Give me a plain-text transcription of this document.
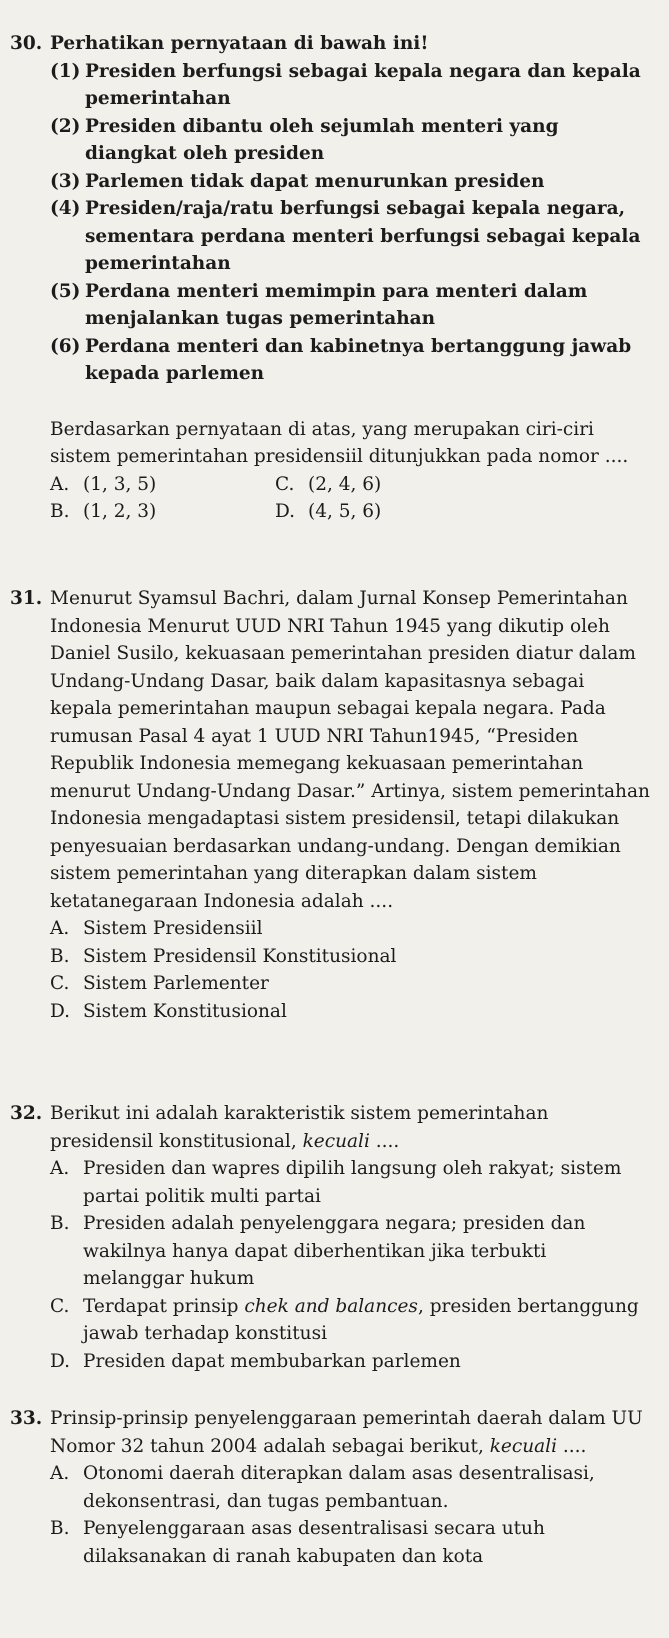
30. Perhatikan pernyataan di bawah ini!
(1) Presiden berfungsi sebagai kepala negara dan kepala pemerintahan
(2) Presiden dibantu oleh sejumlah menteri yang diangkat oleh presiden
(3) Parlemen tidak dapat menurunkan presiden
(4) Presiden/raja/ratu berfungsi sebagai kepala negara, sementara perdana menteri berfungsi sebagai kepala pemerintahan
(5) Perdana menteri memimpin para menteri dalam menjalankan tugas pemerintahan
(6) Perdana menteri dan kabinetnya bertanggung jawab kepada parlemen
Berdasarkan pernyataan di atas, yang merupakan ciri-ciri sistem pemerintahan presidensiil ditunjukkan pada nomor ....
A. (1, 3, 5)	C. (2, 4, 6)
B. (1, 2, 3)	D. (4, 5, 6)
31. Menurut Syamsul Bachri, dalam Jurnal Konsep Pemerintahan Indonesia Menurut UUD NRI Tahun 1945 yang dikutip oleh Daniel Susilo, kekuasaan pemerintahan presiden diatur dalam Undang-Undang Dasar, baik dalam kapasitasnya sebagai kepala pemerintahan maupun sebagai kepala negara. Pada rumusan Pasal 4 ayat 1 UUD NRI Tahun1945, “Presiden Republik Indonesia memegang kekuasaan pemerintahan menurut Undang-Undang Dasar.” Artinya, sistem pemerintahan Indonesia mengadaptasi sistem presidensil, tetapi dilakukan penyesuaian berdasarkan undang-undang. Dengan demikian sistem pemerintahan yang diterapkan dalam sistem ketatanegaraan Indonesia adalah ....
A. Sistem Presidensiil
B. Sistem Presidensil Konstitusional
C. Sistem Parlementer
D. Sistem Konstitusional
32. Berikut ini adalah karakteristik sistem pemerintahan presidensil konstitusional, kecuali ....
A. Presiden dan wapres dipilih langsung oleh rakyat; sistem partai politik multi partai
B. Presiden adalah penyelenggara negara; presiden dan wakilnya hanya dapat diberhentikan jika terbukti melanggar hukum
C. Terdapat prinsip chek and balances, presiden bertanggung jawab terhadap konstitusi
D. Presiden dapat membubarkan parlemen
33. Prinsip-prinsip penyelenggaraan pemerintah daerah dalam UU Nomor 32 tahun 2004 adalah sebagai berikut, kecuali ....
A. Otonomi daerah diterapkan dalam asas desentralisasi, dekonsentrasi, dan tugas pembantuan.
B. Penyelenggaraan asas desentralisasi secara utuh dilaksanakan di ranah kabupaten dan kota
